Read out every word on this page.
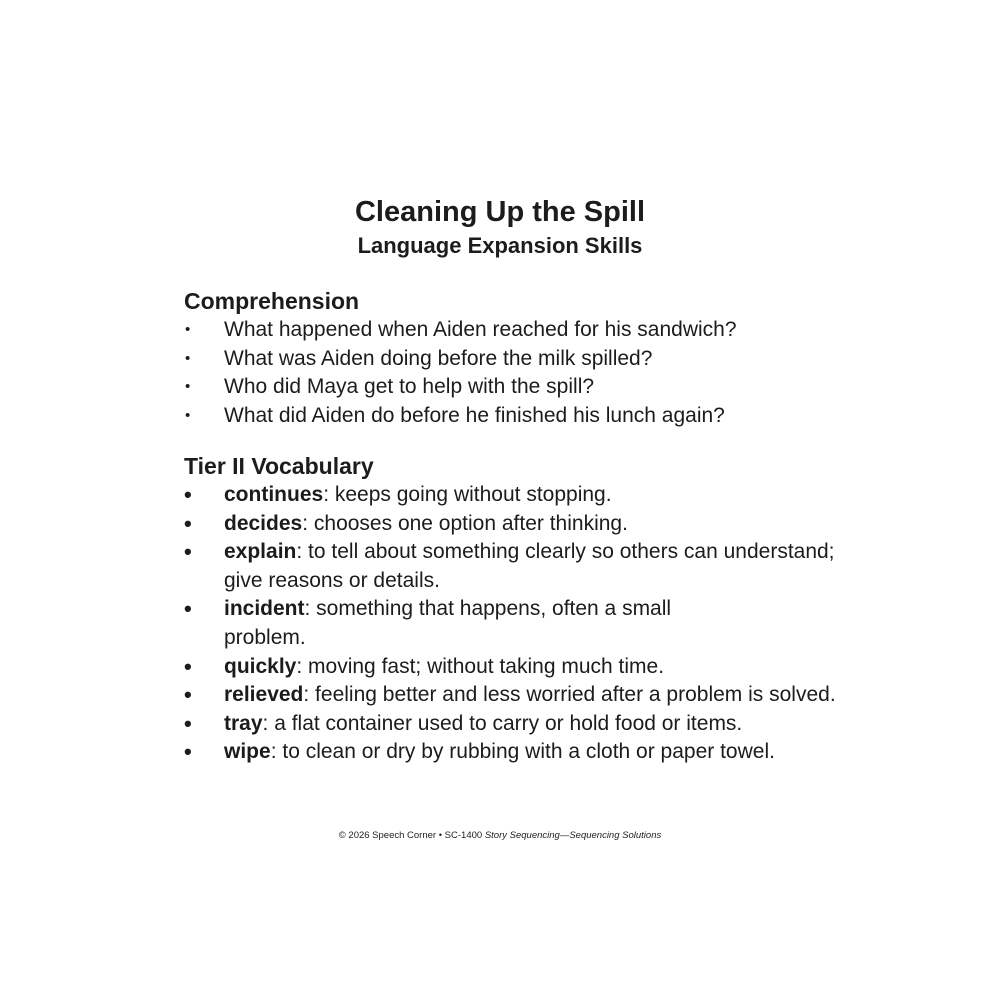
Cleaning Up the Spill
Language Expansion Skills
Comprehension
•	What happened when Aiden reached for his sandwich?
•	What was Aiden doing before the milk spilled?
•	Who did Maya get to help with the spill?
•	What did Aiden do before he finished his lunch again?
Tier II Vocabulary
•	continues: keeps going without stopping.
•	decides: chooses one option after thinking.
•	explain: to tell about something clearly so others can understand; give reasons or details.
•	incident: something that happens, often a small problem.
•	quickly: moving fast; without taking much time.
•	relieved: feeling better and less worried after a problem is solved.
•	tray: a flat container used to carry or hold food or items.
•	wipe: to clean or dry by rubbing with a cloth or paper towel.
© 2026 Speech Corner • SC-1400 Story Sequencing—Sequencing Solutions
